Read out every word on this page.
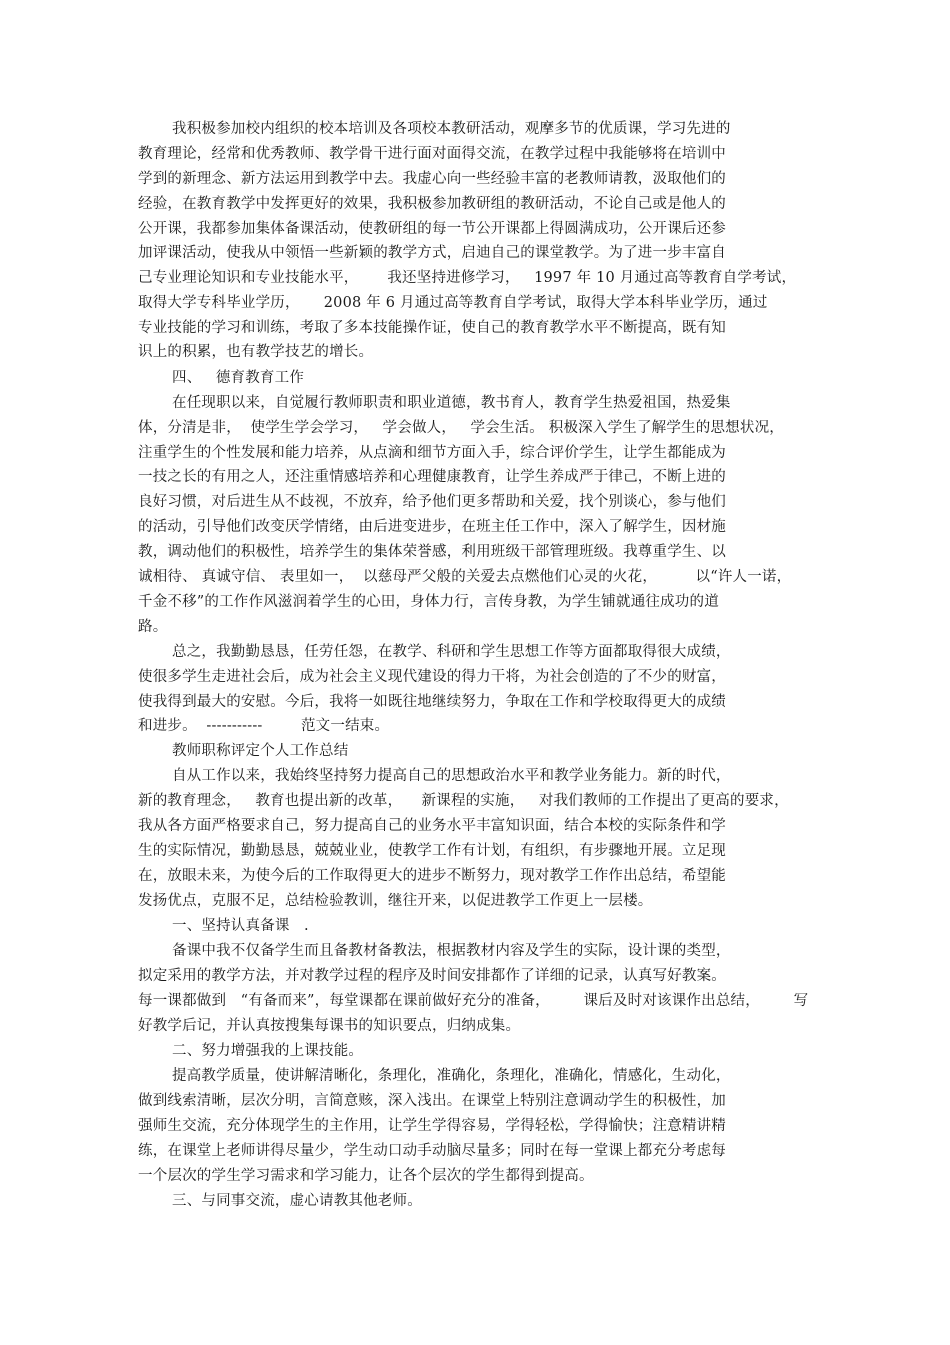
我积极参加校内组织的校本培训及各项校本教研活动，观摩多节的优质课，学习先进的
教育理论，经常和优秀教师、教学骨干进行面对面得交流，在教学过程中我能够将在培训中
学到的新理念、新方法运用到教学中去。我虚心向一些经验丰富的老教师请教，汲取他们的
经验，在教育教学中发挥更好的效果，我积极参加教研组的教研活动，不论自己或是他人的
公开课，我都参加集体备课活动，使教研组的每一节公开课都上得圆满成功，公开课后还参
加评课活动，使我从中领悟一些新颖的教学方式，启迪自己的课堂教学。为了进一步丰富自
己专业理论知识和专业技能水平，      我还坚持进修学习，   1997 年 10 月通过高等教育自学考试，
取得大学专科毕业学历，     2008 年 6 月通过高等教育自学考试，取得大学本科毕业学历，通过
专业技能的学习和训练，考取了多本技能操作证，使自己的教育教学水平不断提高，既有知
识上的积累，也有教学技艺的增长。
四、   德育教育工作
在任现职以来，自觉履行教师职责和职业道德，教书育人，教育学生热爱祖国，热爱集
体，分清是非，  使学生学会学习，   学会做人，   学会生活。 积极深入学生了解学生的思想状况，
注重学生的个性发展和能力培养，从点滴和细节方面入手，综合评价学生，让学生都能成为
一技之长的有用之人，还注重情感培养和心理健康教育，让学生养成严于律己，不断上进的
良好习惯，对后进生从不歧视，不放弃，给予他们更多帮助和关爱，找个别谈心，参与他们
的活动，引导他们改变厌学情绪，由后进变进步，在班主任工作中，深入了解学生，因材施
教，调动他们的积极性，培养学生的集体荣誉感，利用班级干部管理班级。我尊重学生、以
诚相待、 真诚守信、 表里如一，  以慈母严父般的关爱去点燃他们心灵的火花，        以“许人一诺，
千金不移”的工作作风滋润着学生的心田，身体力行，言传身教，为学生铺就通往成功的道
路。
总之，我勤勤恳恳，任劳任怨，在教学、科研和学生思想工作等方面都取得很大成绩，
使很多学生走进社会后，成为社会主义现代建设的得力干将，为社会创造的了不少的财富，
使我得到最大的安慰。今后，我将一如既往地继续努力，争取在工作和学校取得更大的成绩
和进步。  -----------        范文一结束。
教师职称评定个人工作总结
自从工作以来，我始终坚持努力提高自己的思想政治水平和教学业务能力。新的时代，
新的教育理念，   教育也提出新的改革，    新课程的实施，   对我们教师的工作提出了更高的要求，
我从各方面严格要求自己，努力提高自己的业务水平丰富知识面，结合本校的实际条件和学
生的实际情况，勤勤恳恳，兢兢业业，使教学工作有计划，有组织，有步骤地开展。立足现
在，放眼未来，为使今后的工作取得更大的进步不断努力，现对教学工作作出总结，希望能
发扬优点，克服不足，总结检验教训，继往开来，以促进教学工作更上一层楼。
一、坚持认真备课   .
备课中我不仅备学生而且备教材备教法，根据教材内容及学生的实际，设计课的类型，
拟定采用的教学方法，并对教学过程的程序及时间安排都作了详细的记录，认真写好教案。
每一课都做到   “有备而来”，每堂课都在课前做好充分的准备，       课后及时对该课作出总结，       写
好教学后记，并认真按搜集每课书的知识要点，归纳成集。
二、努力增强我的上课技能。
提高教学质量，使讲解清晰化，条理化，准确化，条理化，准确化，情感化，生动化，
做到线索清晰，层次分明，言简意赅，深入浅出。在课堂上特别注意调动学生的积极性，加
强师生交流，充分体现学生的主作用，让学生学得容易，学得轻松，学得愉快；注意精讲精
练，在课堂上老师讲得尽量少，学生动口动手动脑尽量多；同时在每一堂课上都充分考虑每
一个层次的学生学习需求和学习能力，让各个层次的学生都得到提高。
三、与同事交流，虚心请教其他老师。
